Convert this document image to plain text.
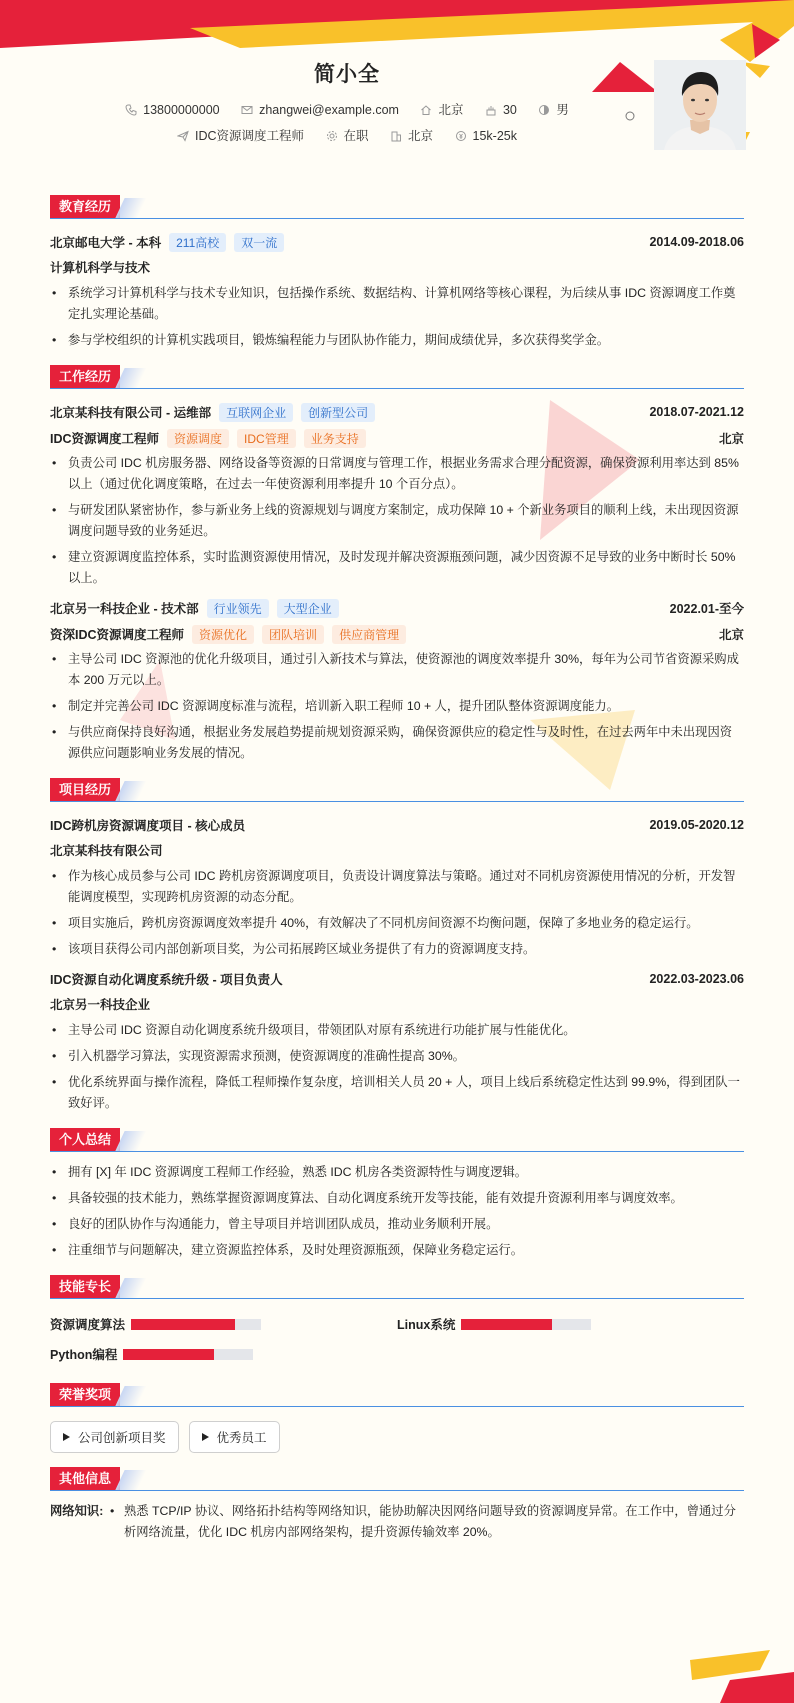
简小全
13800000000	zhangwei@example.com	北京	30	男
IDC资源调度工程师	在职	北京	15k-25k
教育经历
北京邮电大学 - 本科	211高校	双一流	2014.09-2018.06
计算机科学与技术
• 系统学习计算机科学与技术专业知识，包括操作系统、数据结构、计算机网络等核心课程，为后续从事 IDC 资源调度工作奠定扎实理论基础。
• 参与学校组织的计算机实践项目，锻炼编程能力与团队协作能力，期间成绩优异，多次获得奖学金。
工作经历
北京某科技有限公司 - 运维部	互联网企业	创新型公司	2018.07-2021.12
IDC资源调度工程师	资源调度	IDC管理	业务支持	北京
• 负责公司 IDC 机房服务器、网络设备等资源的日常调度与管理工作，根据业务需求合理分配资源，确保资源利用率达到 85%以上（通过优化调度策略，在过去一年使资源利用率提升 10 个百分点）。
• 与研发团队紧密协作，参与新业务上线的资源规划与调度方案制定，成功保障 10 + 个新业务项目的顺利上线，未出现因资源调度问题导致的业务延迟。
• 建立资源调度监控体系，实时监测资源使用情况，及时发现并解决资源瓶颈问题，减少因资源不足导致的业务中断时长 50%以上。
北京另一科技企业 - 技术部	行业领先	大型企业	2022.01-至今
资深IDC资源调度工程师	资源优化	团队培训	供应商管理	北京
• 主导公司 IDC 资源池的优化升级项目，通过引入新技术与算法，使资源池的调度效率提升 30%，每年为公司节省资源采购成本 200 万元以上。
• 制定并完善公司 IDC 资源调度标准与流程，培训新入职工程师 10 + 人，提升团队整体资源调度能力。
• 与供应商保持良好沟通，根据业务发展趋势提前规划资源采购，确保资源供应的稳定性与及时性，在过去两年中未出现因资源供应问题影响业务发展的情况。
项目经历
IDC跨机房资源调度项目 - 核心成员	2019.05-2020.12
北京某科技有限公司
• 作为核心成员参与公司 IDC 跨机房资源调度项目，负责设计调度算法与策略。通过对不同机房资源使用情况的分析，开发智能调度模型，实现跨机房资源的动态分配。
• 项目实施后，跨机房资源调度效率提升 40%，有效解决了不同机房间资源不均衡问题，保障了多地业务的稳定运行。
• 该项目获得公司内部创新项目奖，为公司拓展跨区域业务提供了有力的资源调度支持。
IDC资源自动化调度系统升级 - 项目负责人	2022.03-2023.06
北京另一科技企业
• 主导公司 IDC 资源自动化调度系统升级项目，带领团队对原有系统进行功能扩展与性能优化。
• 引入机器学习算法，实现资源需求预测，使资源调度的准确性提高 30%。
• 优化系统界面与操作流程，降低工程师操作复杂度，培训相关人员 20 + 人，项目上线后系统稳定性达到 99.9%，得到团队一致好评。
个人总结
• 拥有 [X] 年 IDC 资源调度工程师工作经验，熟悉 IDC 机房各类资源特性与调度逻辑。
• 具备较强的技术能力，熟练掌握资源调度算法、自动化调度系统开发等技能，能有效提升资源利用率与调度效率。
• 良好的团队协作与沟通能力，曾主导项目并培训团队成员，推动业务顺利开展。
• 注重细节与问题解决，建立资源监控体系，及时处理资源瓶颈，保障业务稳定运行。
技能专长
资源调度算法	Linux系统
Python编程
荣誉奖项
公司创新项目奖	优秀员工
其他信息
网络知识:
•	熟悉 TCP/IP 协议、网络拓扑结构等网络知识，能协助解决因网络问题导致的资源调度异常。在工作中，曾通过分析网络流量，优化 IDC 机房内部网络架构，提升资源传输效率 20%。
